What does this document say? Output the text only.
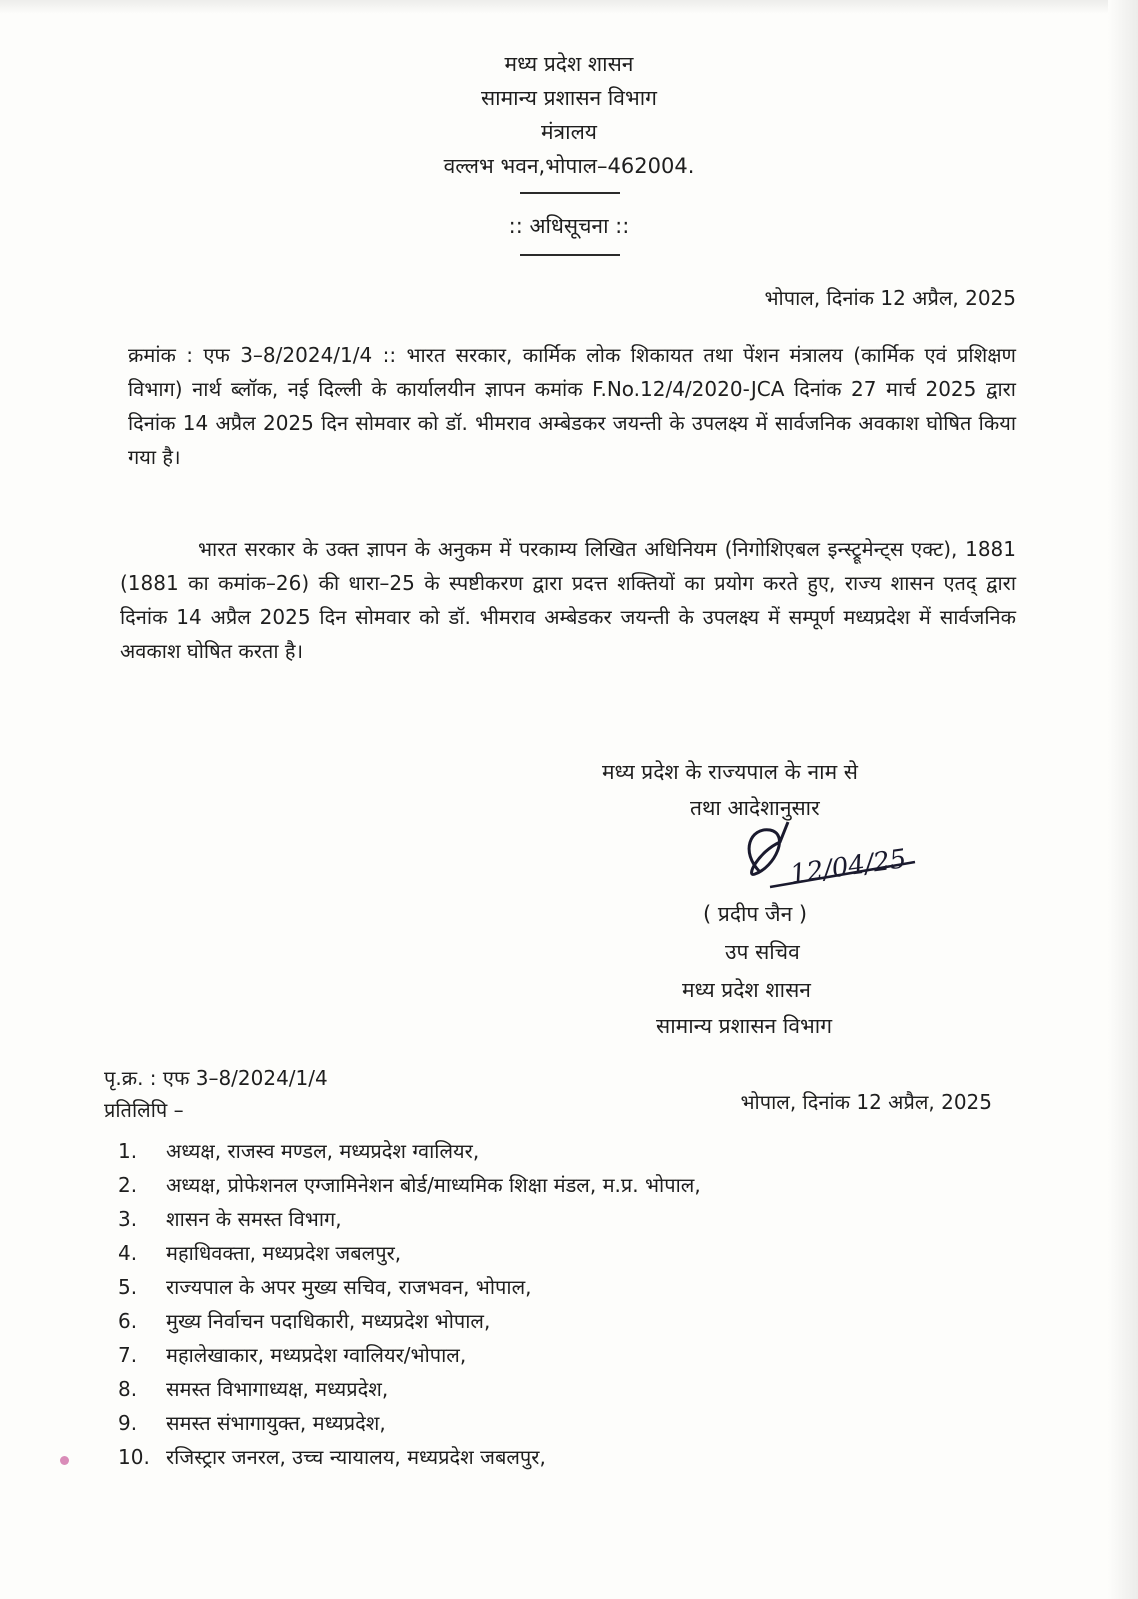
मध्य प्रदेश शासन
सामान्य प्रशासन विभाग
मंत्रालय
वल्लभ भवन,भोपाल–462004.
:: अधिसूचना ::
भोपाल, दिनांक 12 अप्रैल, 2025
क्रमांक : एफ 3–8/2024/1/4 :: भारत सरकार, कार्मिक लोक शिकायत तथा पेंशन मंत्रालय (कार्मिक एवं प्रशिक्षण विभाग) नार्थ ब्लॉक, नई दिल्ली के कार्यालयीन ज्ञापन कमांक F.No.12/4/2020-JCA दिनांक 27 मार्च 2025 द्वारा दिनांक 14 अप्रैल 2025 दिन सोमवार को डॉ. भीमराव अम्बेडकर जयन्ती के उपलक्ष्य में सार्वजनिक अवकाश घोषित किया गया है।
भारत सरकार के उक्त ज्ञापन के अनुकम में परकाम्य लिखित अधिनियम (निगोशिएबल इन्स्ट्रूमेन्ट्स एक्ट), 1881 (1881 का कमांक–26) की धारा–25 के स्पष्टीकरण द्वारा प्रदत्त शक्तियों का प्रयोग करते हुए, राज्य शासन एतद् द्वारा दिनांक 14 अप्रैल 2025 दिन सोमवार को डॉ. भीमराव अम्बेडकर जयन्ती के उपलक्ष्य में सम्पूर्ण मध्यप्रदेश में सार्वजनिक अवकाश घोषित करता है।
मध्य प्रदेश के राज्यपाल के नाम से
तथा आदेशानुसार
12/04/25
( प्रदीप जैन )
उप सचिव
मध्य प्रदेश शासन
सामान्य प्रशासन विभाग
पृ.क्र. : एफ 3–8/2024/1/4
भोपाल, दिनांक 12 अप्रैल, 2025
प्रतिलिपि –
1. अध्यक्ष, राजस्व मण्डल, मध्यप्रदेश ग्वालियर,
2. अध्यक्ष, प्रोफेशनल एग्जामिनेशन बोर्ड/माध्यमिक शिक्षा मंडल, म.प्र. भोपाल,
3. शासन के समस्त विभाग,
4. महाधिवक्ता, मध्यप्रदेश जबलपुर,
5. राज्यपाल के अपर मुख्य सचिव, राजभवन, भोपाल,
6. मुख्य निर्वाचन पदाधिकारी, मध्यप्रदेश भोपाल,
7. महालेखाकार, मध्यप्रदेश ग्वालियर/भोपाल,
8. समस्त विभागाध्यक्ष, मध्यप्रदेश,
9. समस्त संभागायुक्त, मध्यप्रदेश,
10. रजिस्ट्रार जनरल, उच्च न्यायालय, मध्यप्रदेश जबलपुर,
